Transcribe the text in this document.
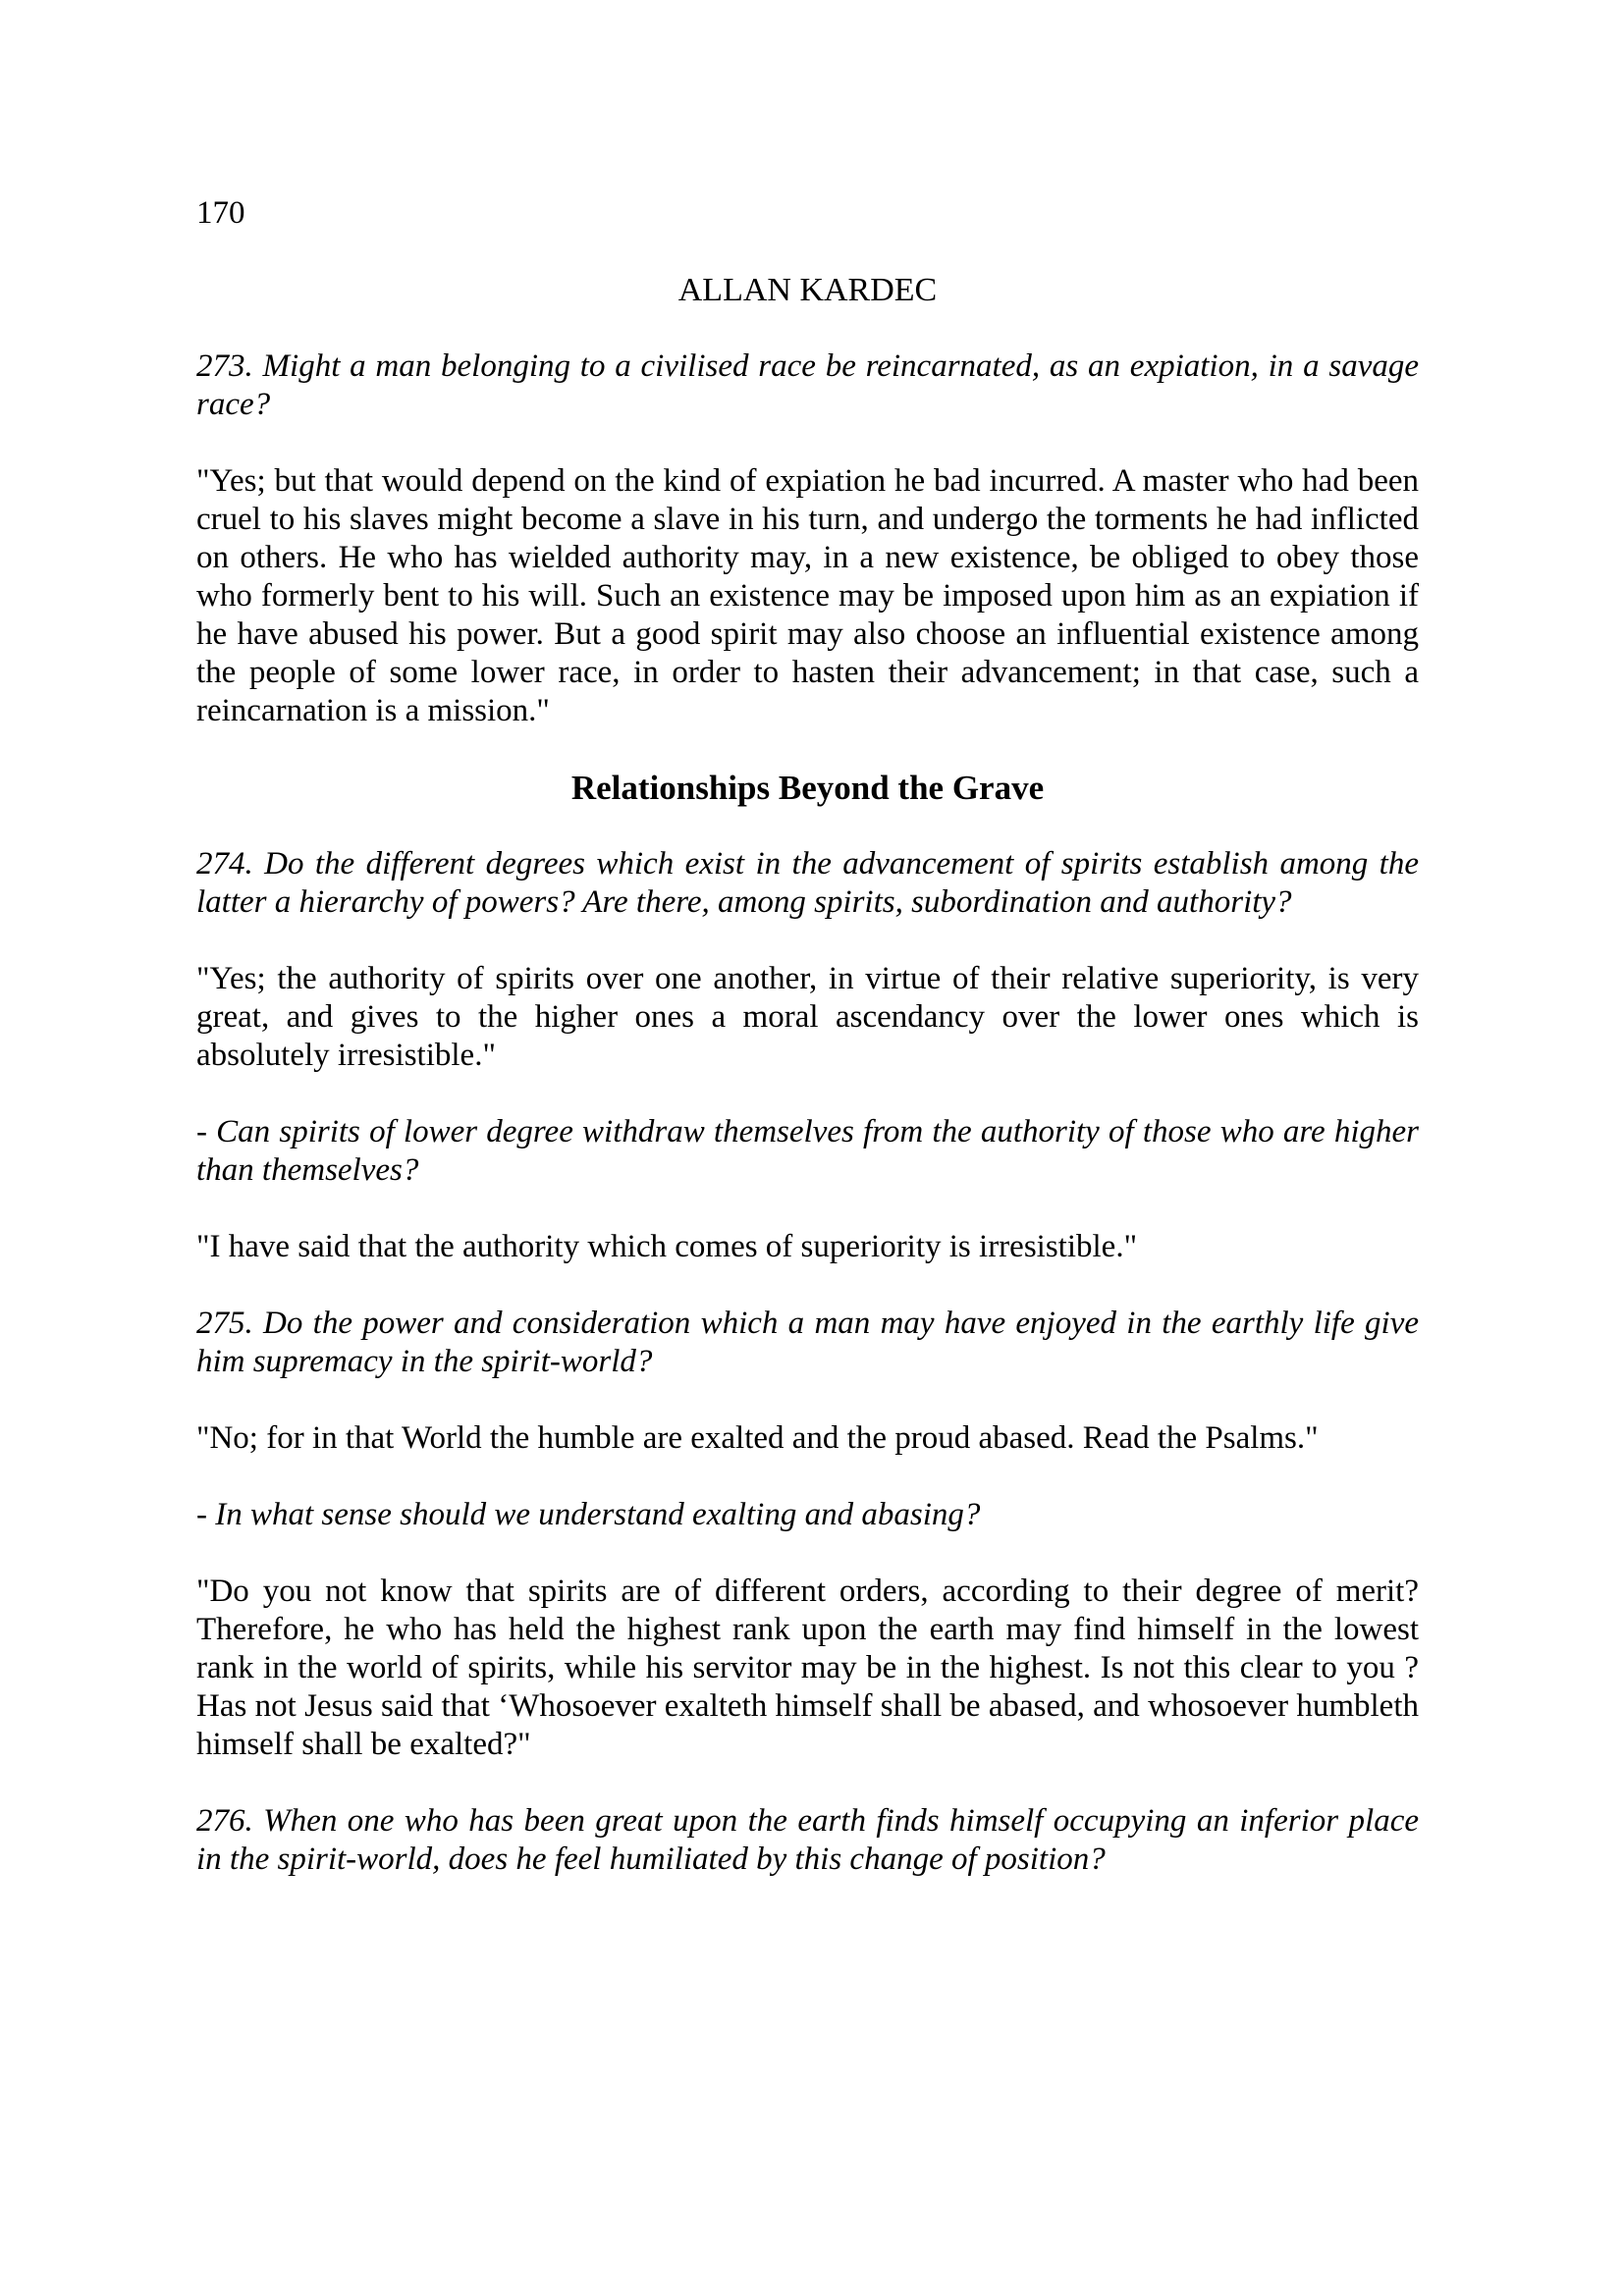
170
ALLAN KARDEC

273. Might a man belonging to a civilised race be reincarnated, as an expiation, in a savage race?

"Yes; but that would depend on the kind of expiation he bad incurred. A master who had been cruel to his slaves might become a slave in his turn, and undergo the torments he had inflicted on others. He who has wielded authority may, in a new existence, be obliged to obey those who formerly bent to his will. Such an existence may be imposed upon him as an expiation if he have abused his power. But a good spirit may also choose an influential existence among the people of some lower race, in order to hasten their advancement; in that case, such a reincarnation is a mission."

Relationships Beyond the Grave

274. Do the different degrees which exist in the advancement of spirits establish among the latter a hierarchy of powers? Are there, among spirits, subordination and authority?

"Yes; the authority of spirits over one another, in virtue of their relative superiority, is very great, and gives to the higher ones a moral ascendancy over the lower ones which is absolutely irresistible."

- Can spirits of lower degree withdraw themselves from the authority of those who are higher than themselves?

"I have said that the authority which comes of superiority is irresistible."

275. Do the power and consideration which a man may have enjoyed in the earthly life give him supremacy in the spirit-world?

"No; for in that World the humble are exalted and the proud abased. Read the Psalms."

- In what sense should we understand exalting and abasing?

"Do you not know that spirits are of different orders, according to their degree of merit? Therefore, he who has held the highest rank upon the earth may find himself in the lowest rank in the world of spirits, while his servitor may be in the highest. Is not this clear to you ? Has not Jesus said that ‘Whosoever exalteth himself shall be abased, and whosoever humbleth himself shall be exalted?"

276. When one who has been great upon the earth finds himself occupying an inferior place in the spirit-world, does he feel humiliated by this change of position?
